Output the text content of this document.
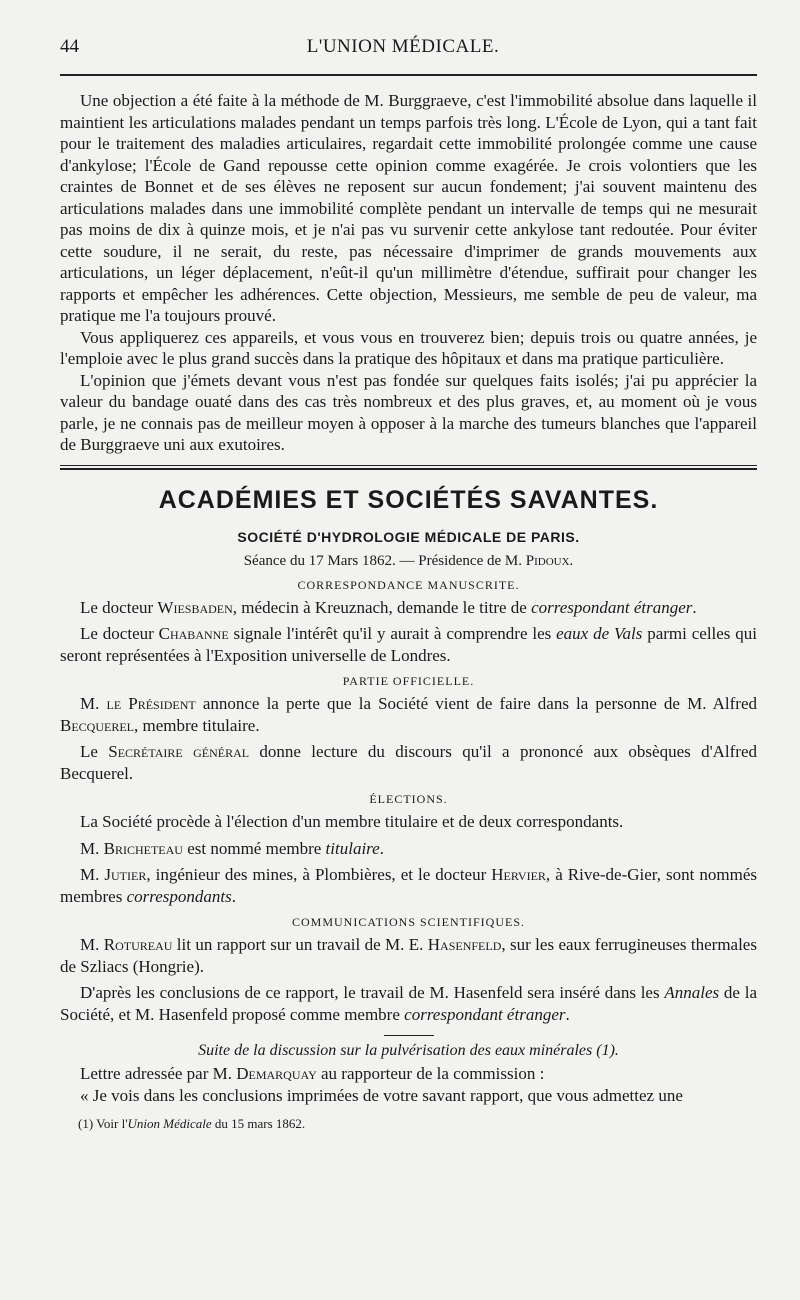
44	L'UNION MÉDICALE.

Une objection a été faite à la méthode de M. Burggraeve, c'est l'immobilité absolue dans laquelle il maintient les articulations malades pendant un temps parfois très long. L'École de Lyon, qui a tant fait pour le traitement des maladies articulaires, regardait cette immobilité prolongée comme une cause d'ankylose; l'École de Gand repousse cette opinion comme exagérée. Je crois volontiers que les craintes de Bonnet et de ses élèves ne reposent sur aucun fondement; j'ai souvent maintenu des articulations malades dans une immobilité complète pendant un intervalle de temps qui ne mesurait pas moins de dix à quinze mois, et je n'ai pas vu survenir cette ankylose tant redoutée. Pour éviter cette soudure, il ne serait, du reste, pas nécessaire d'imprimer de grands mouvements aux articulations, un léger déplacement, n'eût-il qu'un millimètre d'étendue, suffirait pour changer les rapports et empêcher les adhérences. Cette objection, Messieurs, me semble de peu de valeur, ma pratique me l'a toujours prouvé.

Vous appliquerez ces appareils, et vous vous en trouverez bien; depuis trois ou quatre années, je l'emploie avec le plus grand succès dans la pratique des hôpitaux et dans ma pratique particulière.

L'opinion que j'émets devant vous n'est pas fondée sur quelques faits isolés; j'ai pu apprécier la valeur du bandage ouaté dans des cas très nombreux et des plus graves, et, au moment où je vous parle, je ne connais pas de meilleur moyen à opposer à la marche des tumeurs blanches que l'appareil de Burggraeve uni aux exutoires.

ACADÉMIES ET SOCIÉTÉS SAVANTES.
SOCIÉTÉ D'HYDROLOGIE MÉDICALE DE PARIS.
Séance du 17 Mars 1862. — Présidence de M. Pidoux.
CORRESPONDANCE MANUSCRITE.

Le docteur Wiesbaden, médecin à Kreuznach, demande le titre de correspondant étranger.

Le docteur Chabanne signale l'intérêt qu'il y aurait à comprendre les eaux de Vals parmi celles qui seront représentées à l'Exposition universelle de Londres.

PARTIE OFFICIELLE.

M. le Président annonce la perte que la Société vient de faire dans la personne de M. Alfred Becquerel, membre titulaire.

Le Secrétaire général donne lecture du discours qu'il a prononcé aux obsèques d'Alfred Becquerel.

ÉLECTIONS.

La Société procède à l'élection d'un membre titulaire et de deux correspondants.

M. Bricheteau est nommé membre titulaire.

M. Jutier, ingénieur des mines, à Plombières, et le docteur Hervier, à Rive-de-Gier, sont nommés membres correspondants.

COMMUNICATIONS SCIENTIFIQUES.

M. Rotureau lit un rapport sur un travail de M. E. Hasenfeld, sur les eaux ferrugineuses thermales de Szliacs (Hongrie).

D'après les conclusions de ce rapport, le travail de M. Hasenfeld sera inséré dans les Annales de la Société, et M. Hasenfeld proposé comme membre correspondant étranger.

Suite de la discussion sur la pulvérisation des eaux minérales (1).

Lettre adressée par M. Demarquay au rapporteur de la commission :

« Je vois dans les conclusions imprimées de votre savant rapport, que vous admettez une

(1) Voir l'Union Médicale du 15 mars 1862.
